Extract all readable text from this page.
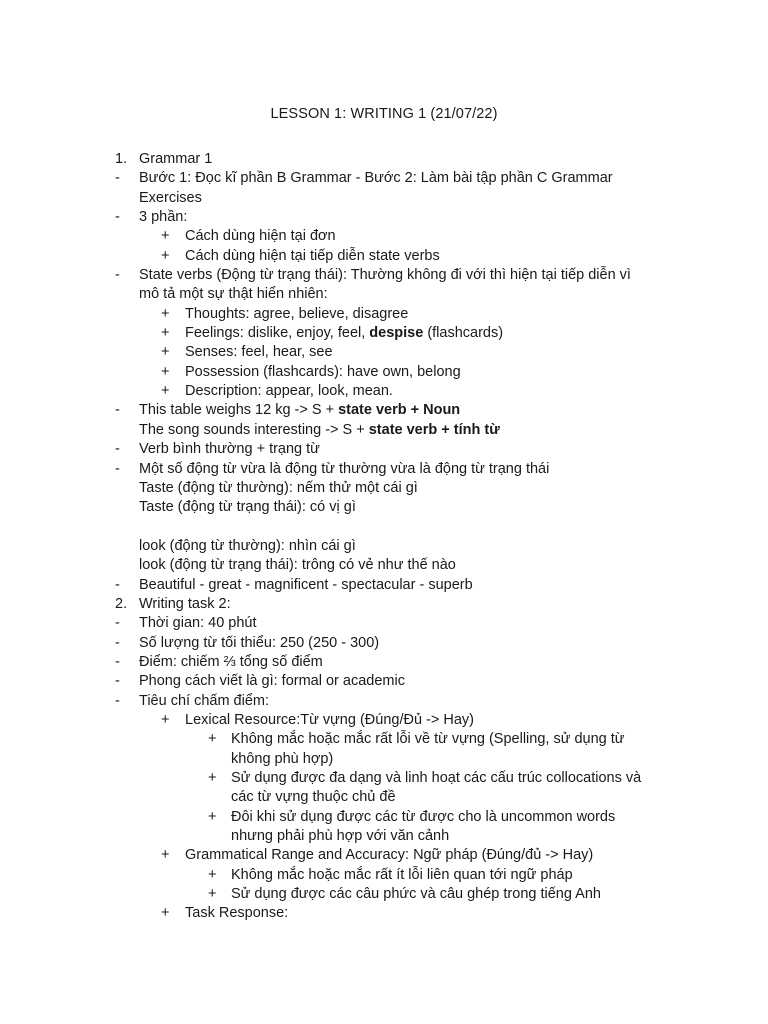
LESSON 1: WRITING 1 (21/07/22)
1. Grammar 1
- Bước 1: Đọc kĩ phần B Grammar - Bước 2: Làm bài tập phần C Grammar
Exercises
- 3 phần:
+ Cách dùng hiện tại đơn
+ Cách dùng hiện tại tiếp diễn state verbs
- State verbs (Động từ trạng thái): Thường không đi với thì hiện tại tiếp diễn vì
mô tả một sự thật hiển nhiên:
+ Thoughts: agree, believe, disagree
+ Feelings: dislike, enjoy, feel, despise (flashcards)
+ Senses: feel, hear, see
+ Possession (flashcards): have own, belong
+ Description: appear, look, mean.
- This table weighs 12 kg -> S + state verb + Noun
The song sounds interesting -> S + state verb + tính từ
- Verb bình thường + trạng từ
- Một số động từ vừa là động từ thường vừa là động từ trạng thái
Taste (động từ thường): nếm thử một cái gì
Taste (động từ trạng thái): có vị gì
look (động từ thường): nhìn cái gì
look (động từ trạng thái): trông có vẻ như thế nào
- Beautiful - great - magnificent - spectacular - superb
2. Writing task 2:
- Thời gian: 40 phút
- Số lượng từ tối thiểu: 250 (250 - 300)
- Điểm: chiếm ⅔ tổng số điểm
- Phong cách viết là gì: formal or academic
- Tiêu chí chấm điểm:
+ Lexical Resource:Từ vựng (Đúng/Đủ -> Hay)
+ Không mắc hoặc mắc rất lỗi về từ vựng (Spelling, sử dụng từ
không phù hợp)
+ Sử dụng được đa dạng và linh hoạt các cấu trúc collocations và
các từ vựng thuộc chủ đề
+ Đôi khi sử dụng được các từ được cho là uncommon words
nhưng phải phù hợp với văn cảnh
+ Grammatical Range and Accuracy: Ngữ pháp (Đúng/đủ -> Hay)
+ Không mắc hoặc mắc rất ít lỗi liên quan tới ngữ pháp
+ Sử dụng được các câu phức và câu ghép trong tiếng Anh
+ Task Response:
